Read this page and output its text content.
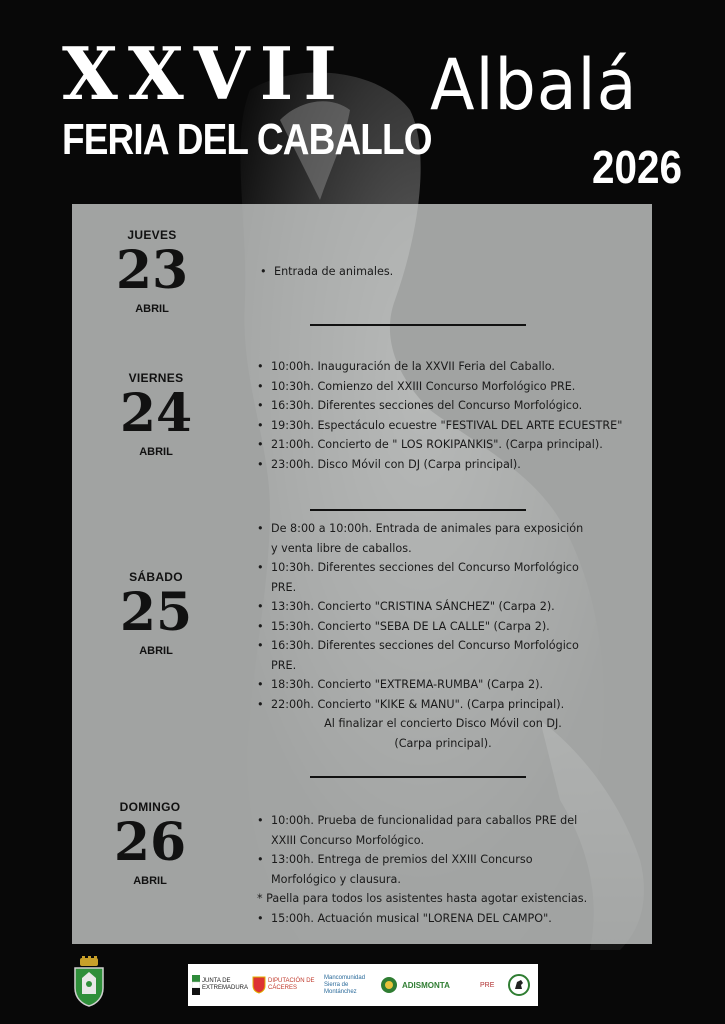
XXVII
FERIA DEL CABALLO
Albalá
2026
JUEVES
23
ABRIL
• Entrada de animales.
VIERNES
24
ABRIL
• 10:00h. Inauguración de la XXVII Feria del Caballo.
• 10:30h. Comienzo del XXIII Concurso Morfológico PRE.
• 16:30h. Diferentes secciones del Concurso Morfológico.
• 19:30h. Espectáculo ecuestre "FESTIVAL DEL ARTE ECUESTRE"
• 21:00h. Concierto de " LOS ROKIPANKIS". (Carpa principal).
• 23:00h. Disco Móvil con DJ (Carpa principal).
SÁBADO
25
ABRIL
• De 8:00 a 10:00h. Entrada de animales para exposición
y venta libre de caballos.
• 10:30h. Diferentes secciones del Concurso Morfológico
PRE.
• 13:30h. Concierto "CRISTINA SÁNCHEZ" (Carpa 2).
• 15:30h. Concierto "SEBA DE LA CALLE" (Carpa 2).
• 16:30h. Diferentes secciones del Concurso Morfológico
PRE.
• 18:30h. Concierto "EXTREMA-RUMBA" (Carpa 2).
• 22:00h. Concierto "KIKE & MANU". (Carpa principal).
Al finalizar el concierto Disco Móvil con DJ.
(Carpa principal).
DOMINGO
26
ABRIL
• 10:00h. Prueba de funcionalidad para caballos PRE del
XXIII Concurso Morfológico.
• 13:00h. Entrega de premios del XXIII Concurso
Morfológico y clausura.
* Paella para todos los asistentes hasta agotar existencias.
• 15:00h. Actuación musical "LORENA DEL CAMPO".
JUNTA DE EXTREMADURA
DIPUTACIÓN DE CÁCERES
Mancomunidad Sierra de Montánchez
ADISMONTA	PRE
